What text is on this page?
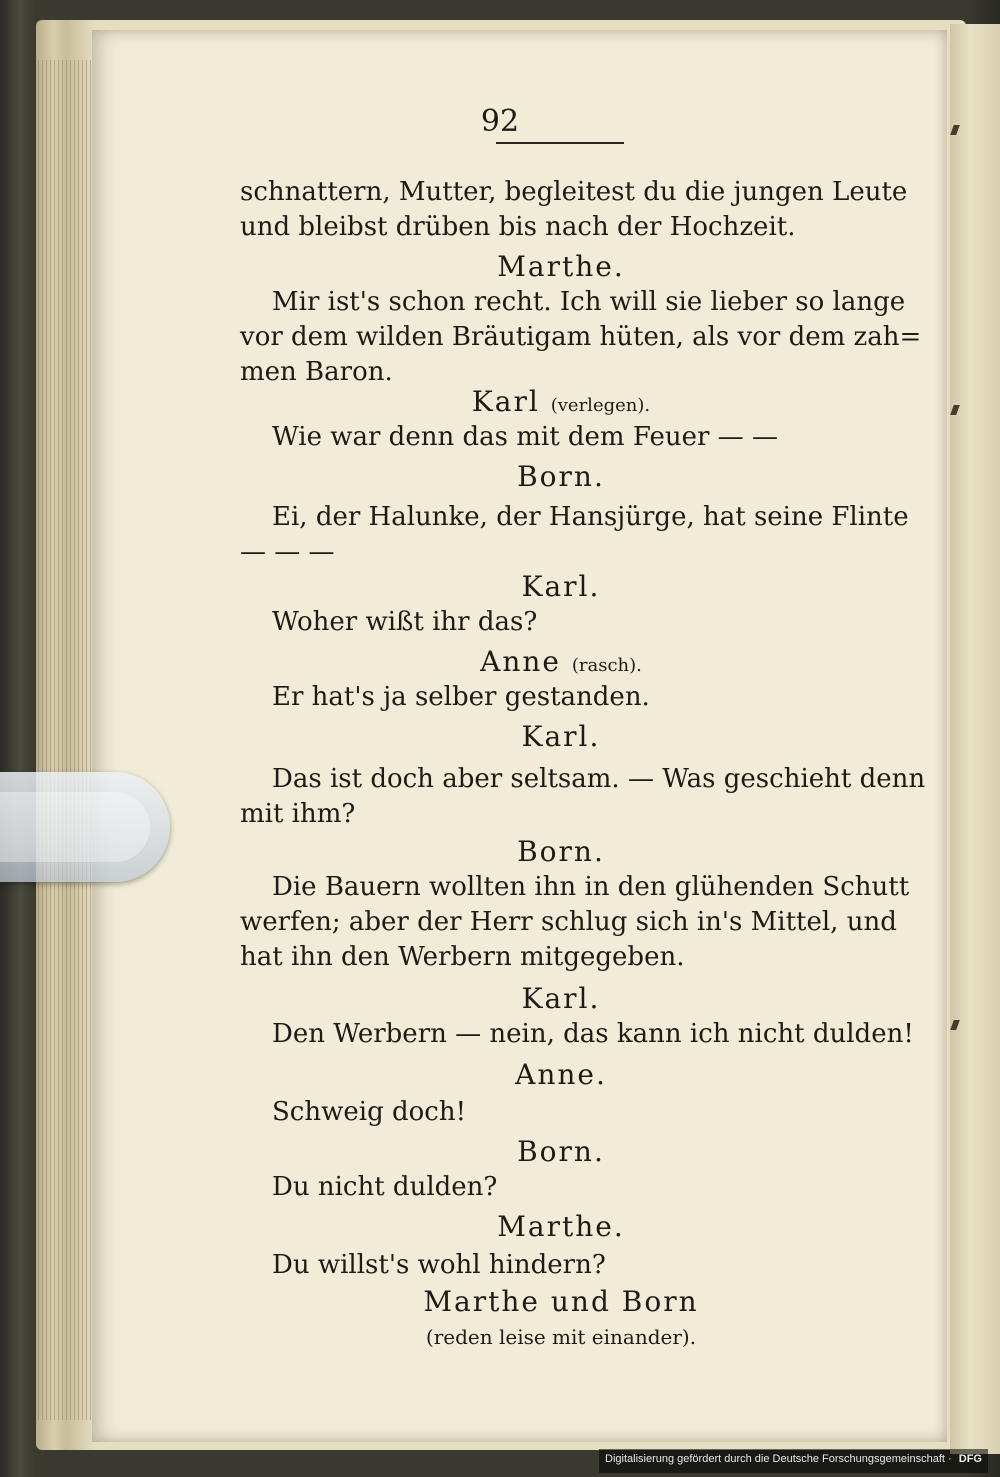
92
schnattern, Mutter, begleitest du die jungen Leute
und bleibst drüben bis nach der Hochzeit.
Marthe.
Mir ist's schon recht. Ich will sie lieber so lange
vor dem wilden Bräutigam hüten, als vor dem zah=
men Baron.
Karl (verlegen).
Wie war denn das mit dem Feuer — —
Born.
Ei, der Halunke, der Hansjürge, hat seine Flinte
— — —
Karl.
Woher wißt ihr das?
Anne (rasch).
Er hat's ja selber gestanden.
Karl.
Das ist doch aber seltsam. — Was geschieht denn
mit ihm?
Born.
Die Bauern wollten ihn in den glühenden Schutt
werfen; aber der Herr schlug sich in's Mittel, und
hat ihn den Werbern mitgegeben.
Karl.
Den Werbern — nein, das kann ich nicht dulden!
Anne.
Schweig doch!
Born.
Du nicht dulden?
Marthe.
Du willst's wohl hindern?
Marthe und Born
(reden leise mit einander).
Digitalisierung gefördert durch die Deutsche Forschungsgemeinschaft · DFG
